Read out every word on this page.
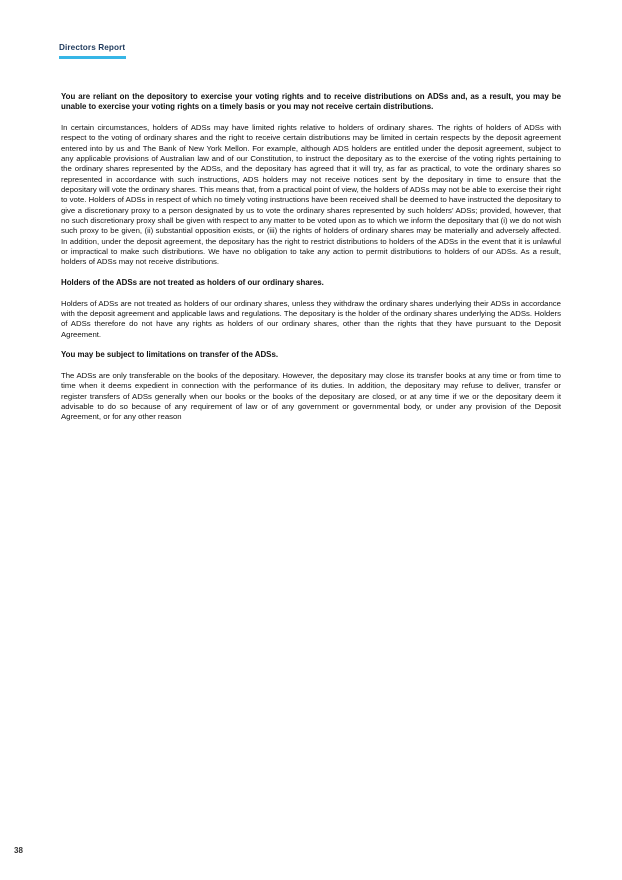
Directors Report

You are reliant on the depository to exercise your voting rights and to receive distributions on ADSs and, as a result, you may be unable to exercise your voting rights on a timely basis or you may not receive certain distributions.

In certain circumstances, holders of ADSs may have limited rights relative to holders of ordinary shares. The rights of holders of ADSs with respect to the voting of ordinary shares and the right to receive certain distributions may be limited in certain respects by the deposit agreement entered into by us and The Bank of New York Mellon. For example, although ADS holders are entitled under the deposit agreement, subject to any applicable provisions of Australian law and of our Constitution, to instruct the depositary as to the exercise of the voting rights pertaining to the ordinary shares represented by the ADSs, and the depositary has agreed that it will try, as far as practical, to vote the ordinary shares so represented in accordance with such instructions, ADS holders may not receive notices sent by the depositary in time to ensure that the depositary will vote the ordinary shares. This means that, from a practical point of view, the holders of ADSs may not be able to exercise their right to vote. Holders of ADSs in respect of which no timely voting instructions have been received shall be deemed to have instructed the depositary to give a discretionary proxy to a person designated by us to vote the ordinary shares represented by such holders’ ADSs; provided, however, that no such discretionary proxy shall be given with respect to any matter to be voted upon as to which we inform the depositary that (i) we do not wish such proxy to be given, (ii) substantial opposition exists, or (iii) the rights of holders of ordinary shares may be materially and adversely affected. In addition, under the deposit agreement, the depositary has the right to restrict distributions to holders of the ADSs in the event that it is unlawful or impractical to make such distributions. We have no obligation to take any action to permit distributions to holders of our ADSs. As a result, holders of ADSs may not receive distributions.

Holders of the ADSs are not treated as holders of our ordinary shares.

Holders of ADSs are not treated as holders of our ordinary shares, unless they withdraw the ordinary shares underlying their ADSs in accordance with the deposit agreement and applicable laws and regulations. The depositary is the holder of the ordinary shares underlying the ADSs. Holders of ADSs therefore do not have any rights as holders of our ordinary shares, other than the rights that they have pursuant to the Deposit Agreement.

You may be subject to limitations on transfer of the ADSs.

The ADSs are only transferable on the books of the depositary. However, the depositary may close its transfer books at any time or from time to time when it deems expedient in connection with the performance of its duties. In addition, the depositary may refuse to deliver, transfer or register transfers of ADSs generally when our books or the books of the depositary are closed, or at any time if we or the depositary deem it advisable to do so because of any requirement of law or of any government or governmental body, or under any provision of the Deposit Agreement, or for any other reason

38
